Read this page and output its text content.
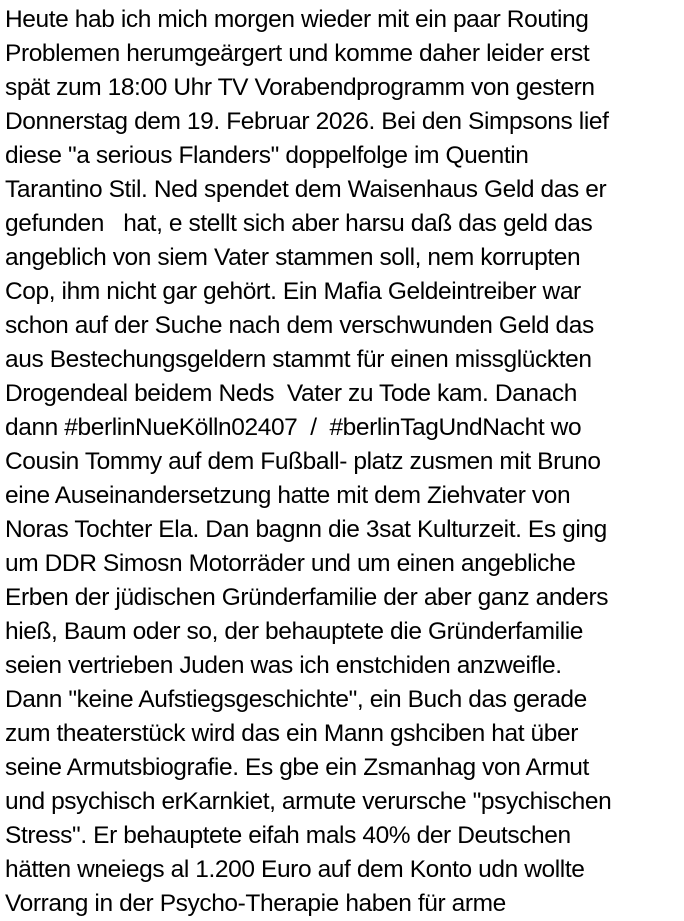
Heute hab ich mich morgen wieder mit ein paar Routing
Problemen herumgeärgert und komme daher leider erst
spät zum 18:00 Uhr TV Vorabendprogramm von gestern
Donnerstag dem 19. Februar 2026. Bei den Simpsons lief
diese "a serious Flanders" doppelfolge im Quentin
Tarantino Stil. Ned spendet dem Waisenhaus Geld das er
gefunden   hat, e stellt sich aber harsu daß das geld das
angeblich von siem Vater stammen soll, nem korrupten
Cop, ihm nicht gar gehört. Ein Mafia Geldeintreiber war
schon auf der Suche nach dem verschwunden Geld das
aus Bestechungsgeldern stammt für einen missglückten
Drogendeal beidem Neds  Vater zu Tode kam. Danach
dann #berlinNueKölln02407  /  #berlinTagUndNacht wo
Cousin Tommy auf dem Fußball- platz zusmen mit Bruno
eine Auseinandersetzung hatte mit dem Ziehvater von
Noras Tochter Ela. Dan bagnn die 3sat Kulturzeit. Es ging
um DDR Simosn Motorräder und um einen angebliche
Erben der jüdischen Gründerfamilie der aber ganz anders
hieß, Baum oder so, der behauptete die Gründerfamilie
seien vertrieben Juden was ich enstchiden anzweifle.
Dann "keine Aufstiegsgeschichte", ein Buch das gerade
zum theaterstück wird das ein Mann gshciben hat über
seine Armutsbiografie. Es gbe ein Zsmanhag von Armut
und psychisch erKarnkiet, armute verursche "psychischen
Stress". Er behauptete eifah mals 40% der Deutschen
hätten wneiegs al 1.200 Euro auf dem Konto udn wollte
Vorrang in der Psycho-Therapie haben für arme
